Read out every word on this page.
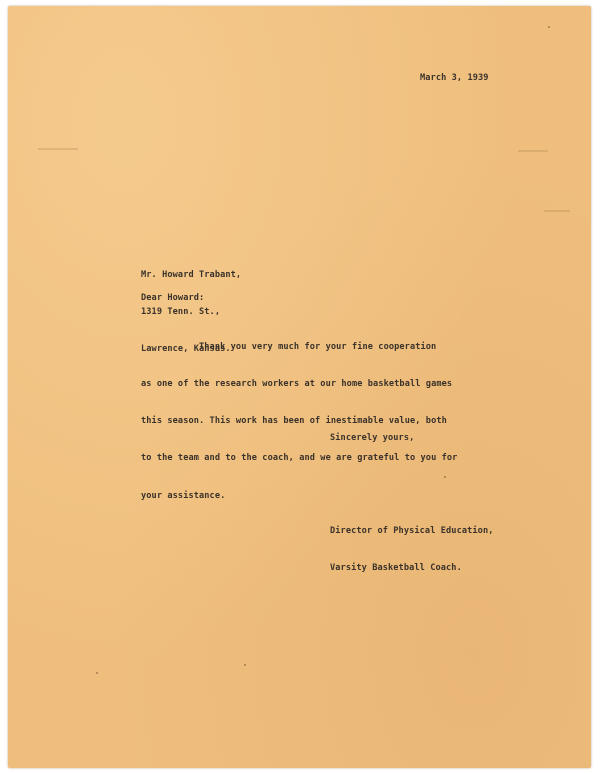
March 3, 1939

Mr. Howard Trabant,

1319 Tenn. St.,

Lawrence, Kansas.

Dear Howard:

Thank you very much for your fine cooperation

as one of the research workers at our home basketball games

this season. This work has been of inestimable value, both

to the team and to the coach, and we are grateful to you for

your assistance.

Sincerely yours,

Director of Physical Education,

Varsity Basketball Coach.
